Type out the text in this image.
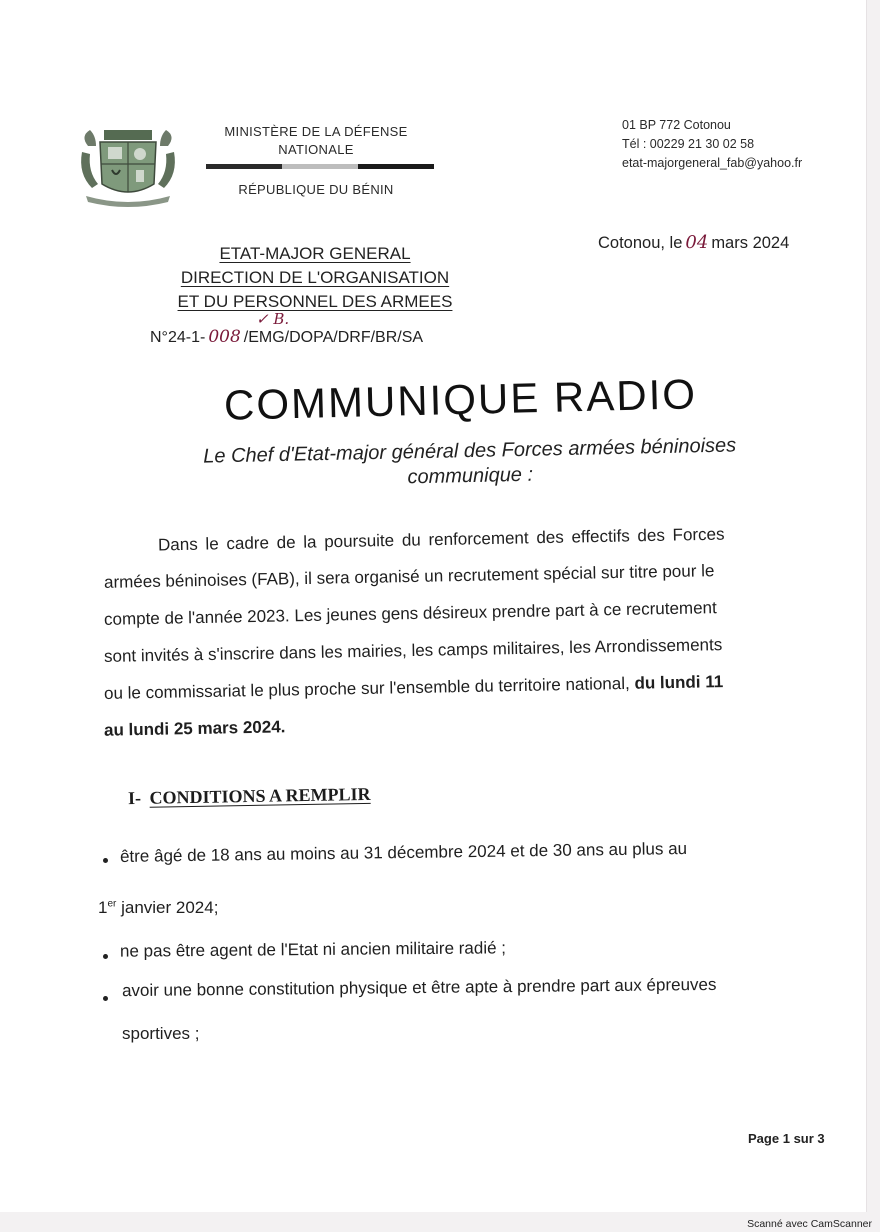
MINISTÈRE DE LA DÉFENSE
NATIONALE
RÉPUBLIQUE DU BÉNIN
01 BP 772 Cotonou
Tél : 00229 21 30 02 58
etat-majorgeneral_fab@yahoo.fr
ETAT-MAJOR GENERAL
DIRECTION DE L'ORGANISATION
ET DU PERSONNEL DES ARMEES
✓ B.
N°24-1- 008 /EMG/DOPA/DRF/BR/SA
Cotonou, le 04 mars 2024
COMMUNIQUE RADIO
Le Chef d'Etat-major général des Forces armées béninoises
communique :
Dans le cadre de la poursuite du renforcement des effectifs des Forces
armées béninoises (FAB), il sera organisé un recrutement spécial sur titre pour le
compte de l'année 2023. Les jeunes gens désireux prendre part à ce recrutement
sont invités à s'inscrire dans les mairies, les camps militaires, les Arrondissements
ou le commissariat le plus proche sur l'ensemble du territoire national, du lundi 11
au lundi 25 mars 2024.
I- CONDITIONS A REMPLIR
être âgé de 18 ans au moins au 31 décembre 2024 et de 30 ans au plus au
1er janvier 2024;
ne pas être agent de l'Etat ni ancien militaire radié ;
avoir une bonne constitution physique et être apte à prendre part aux épreuves
sportives ;
Page 1 sur 3
Scanné avec CamScanner
